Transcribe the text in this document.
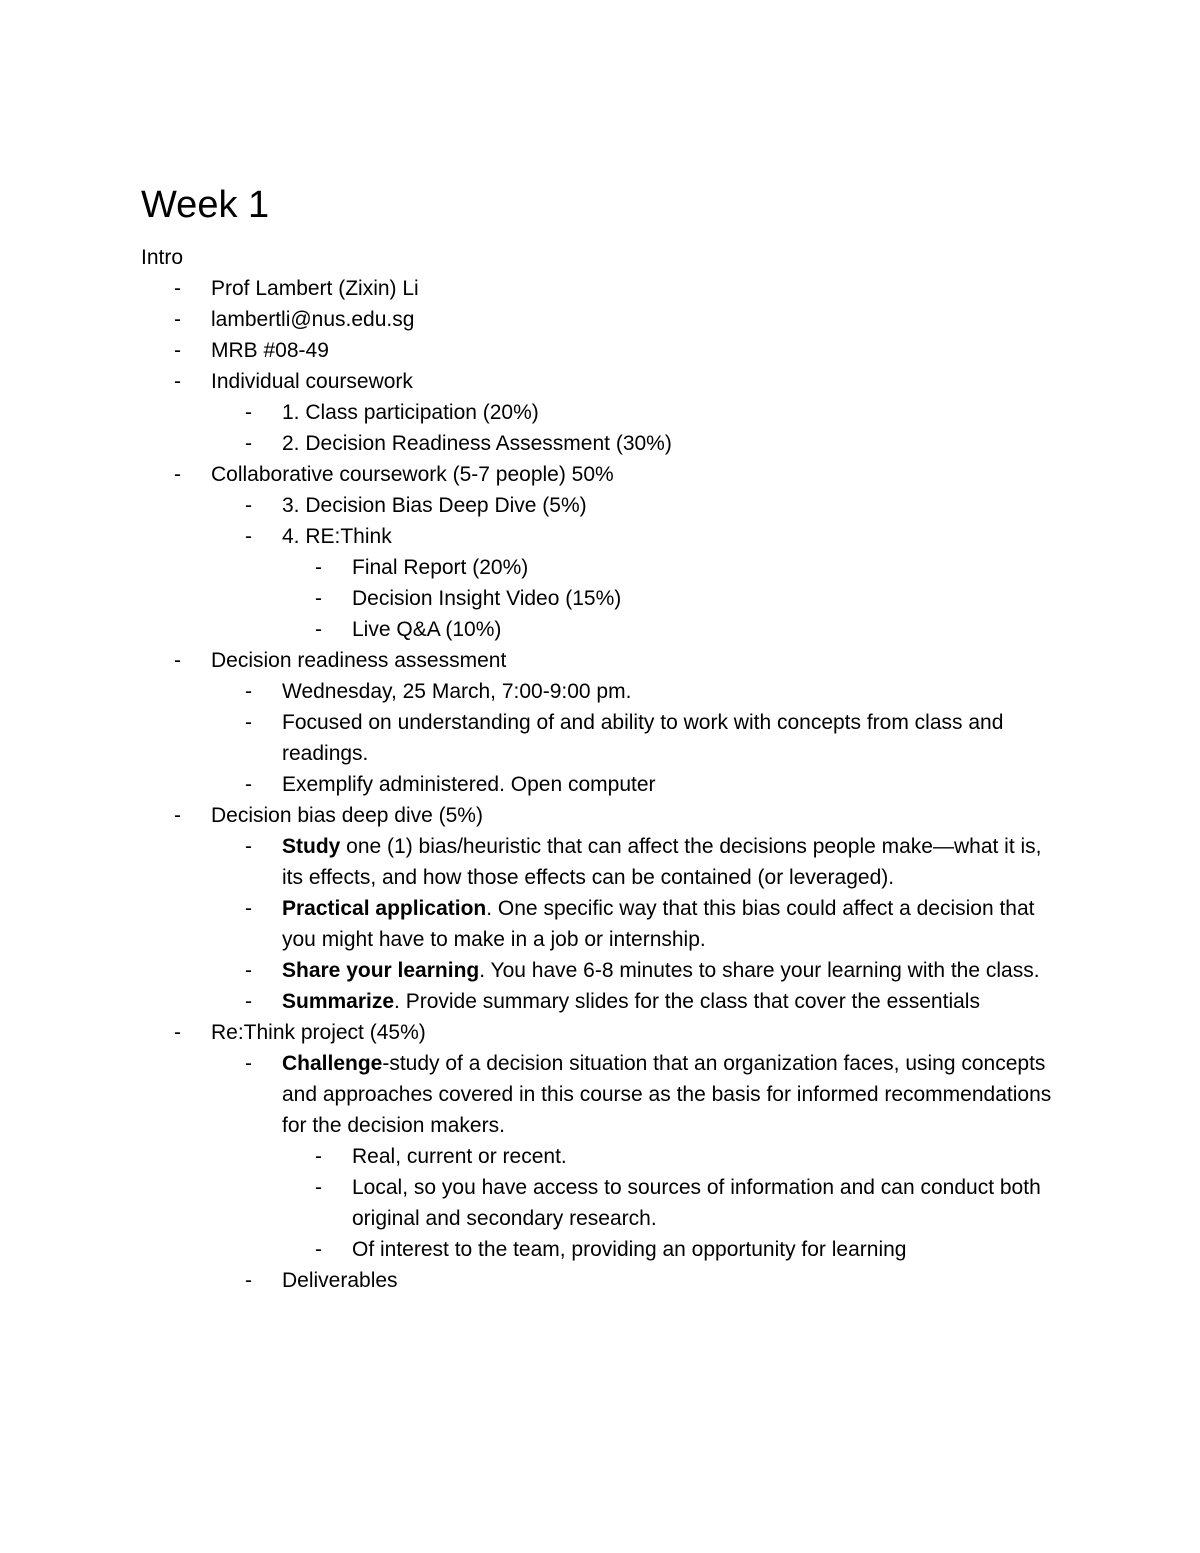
Week 1
Intro
-	Prof Lambert (Zixin) Li
-	lambertli@nus.edu.sg
-	MRB #08-49
-	Individual coursework
-	1. Class participation (20%)
-	2. Decision Readiness Assessment (30%)
-	Collaborative coursework (5-7 people) 50%
-	3. Decision Bias Deep Dive (5%)
-	4. RE:Think
-	Final Report (20%)
-	Decision Insight Video (15%)
-	Live Q&A (10%)
-	Decision readiness assessment
-	Wednesday, 25 March, 7:00-9:00 pm.
-	Focused on understanding of and ability to work with concepts from class and readings.
-	Exemplify administered. Open computer
-	Decision bias deep dive (5%)
-	Study one (1) bias/heuristic that can affect the decisions people make—what it is, its effects, and how those effects can be contained (or leveraged).
-	Practical application. One specific way that this bias could affect a decision that you might have to make in a job or internship.
-	Share your learning. You have 6-8 minutes to share your learning with the class.
-	Summarize. Provide summary slides for the class that cover the essentials
-	Re:Think project (45%)
-	Challenge-study of a decision situation that an organization faces, using concepts and approaches covered in this course as the basis for informed recommendations for the decision makers.
-	Real, current or recent.
-	Local, so you have access to sources of information and can conduct both original and secondary research.
-	Of interest to the team, providing an opportunity for learning
-	Deliverables
